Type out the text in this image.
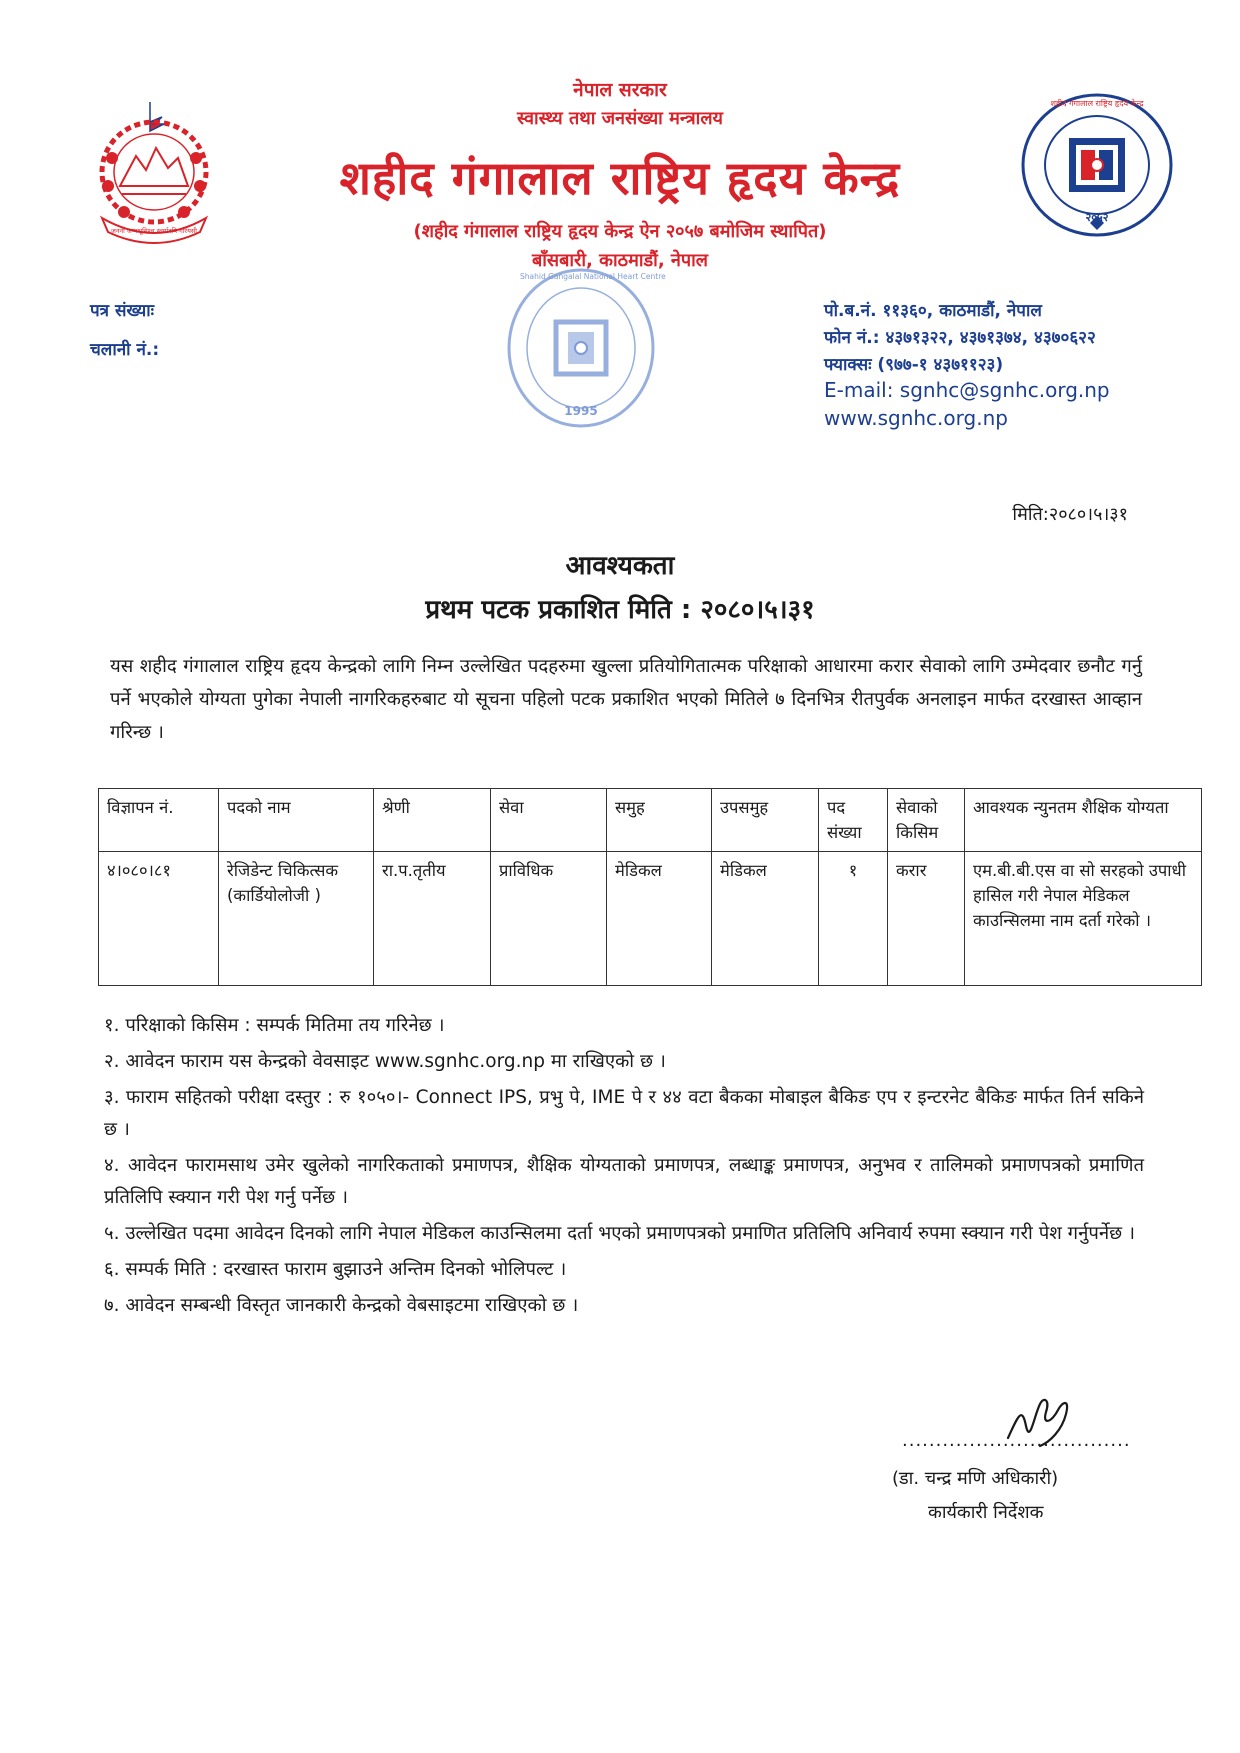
जननी जन्मभूमिश्च स्वर्गादपि गरियसी
शहीद गंगालाल राष्ट्रिय हृदय केन्द्र
२०५२
नेपाल सरकार
स्वास्थ्य तथा जनसंख्या मन्त्रालय
शहीद गंगालाल राष्ट्रिय हृदय केन्द्र
(शहीद गंगालाल राष्ट्रिय हृदय केन्द्र ऐन २०५७ बमोजिम स्थापित)
बाँसबारी, काठमाडौं, नेपाल
Shahid Gangalal National Heart Centre
1995
पत्र संख्याः
चलानी नं.:
पो.ब.नं. ११३६०, काठमाडौं, नेपाल
फोन नं.: ४३७१३२२, ४३७१३७४, ४३७०६२२
फ्याक्सः (९७७-१ ४३७११२३)
E-mail: sgnhc@sgnhc.org.np
www.sgnhc.org.np
मिति:२०८०।५।३१
आवश्यकता
प्रथम पटक प्रकाशित मिति : २०८०।५।३१
यस शहीद गंगालाल राष्ट्रिय हृदय केन्द्रको लागि निम्न उल्लेखित पदहरुमा खुल्ला प्रतियोगितात्मक परिक्षाको आधारमा करार सेवाको लागि उम्मेदवार छनौट गर्नु पर्ने भएकोले योग्यता पुगेका नेपाली नागरिकहरुबाट यो सूचना पहिलो पटक प्रकाशित भएको मितिले ७ दिनभित्र रीतपुर्वक अनलाइन मार्फत दरखास्त आव्हान गरिन्छ ।
विज्ञापन नं.	पदको नाम	श्रेणी	सेवा	समुह	उपसमुह	पद संख्या	सेवाको किसिम	आवश्यक न्युनतम शैक्षिक योग्यता
४।०८०।८१	रेजिडेन्ट चिकित्सक (कार्डियोलोजी )	रा.प.तृतीय	प्राविधिक	मेडिकल	मेडिकल	१	करार	एम.बी.बी.एस वा सो सरहको उपाधी हासिल गरी नेपाल मेडिकल काउन्सिलमा नाम दर्ता गरेको ।

१. परिक्षाको किसिम : सम्पर्क मितिमा तय गरिनेछ ।

२. आवेदन फाराम यस केन्द्रको वेवसाइट www.sgnhc.org.np मा राखिएको छ ।

३. फाराम सहितको परीक्षा दस्तुर : रु १०५०।- Connect IPS, प्रभु पे, IME पे र ४४ वटा बैकका मोबाइल बैकिङ एप र इन्टरनेट बैकिङ मार्फत तिर्न सकिने छ ।

४. आवेदन फारामसाथ उमेर खुलेको नागरिकताको प्रमाणपत्र, शैक्षिक योग्यताको प्रमाणपत्र, लब्धाङ्क प्रमाणपत्र, अनुभव र तालिमको प्रमाणपत्रको प्रमाणित प्रतिलिपि स्क्यान गरी पेश गर्नु पर्नेछ ।

५. उल्लेखित पदमा आवेदन दिनको लागि नेपाल मेडिकल काउन्सिलमा दर्ता भएको प्रमाणपत्रको प्रमाणित प्रतिलिपि अनिवार्य रुपमा स्क्यान गरी पेश गर्नुपर्नेछ ।

६. सम्पर्क मिति : दरखास्त फाराम बुझाउने अन्तिम दिनको भोलिपल्ट ।

७. आवेदन सम्बन्धी विस्तृत जानकारी केन्द्रको वेबसाइटमा राखिएको छ ।

..................................
(डा. चन्द्र मणि अधिकारी)
कार्यकारी निर्देशक
